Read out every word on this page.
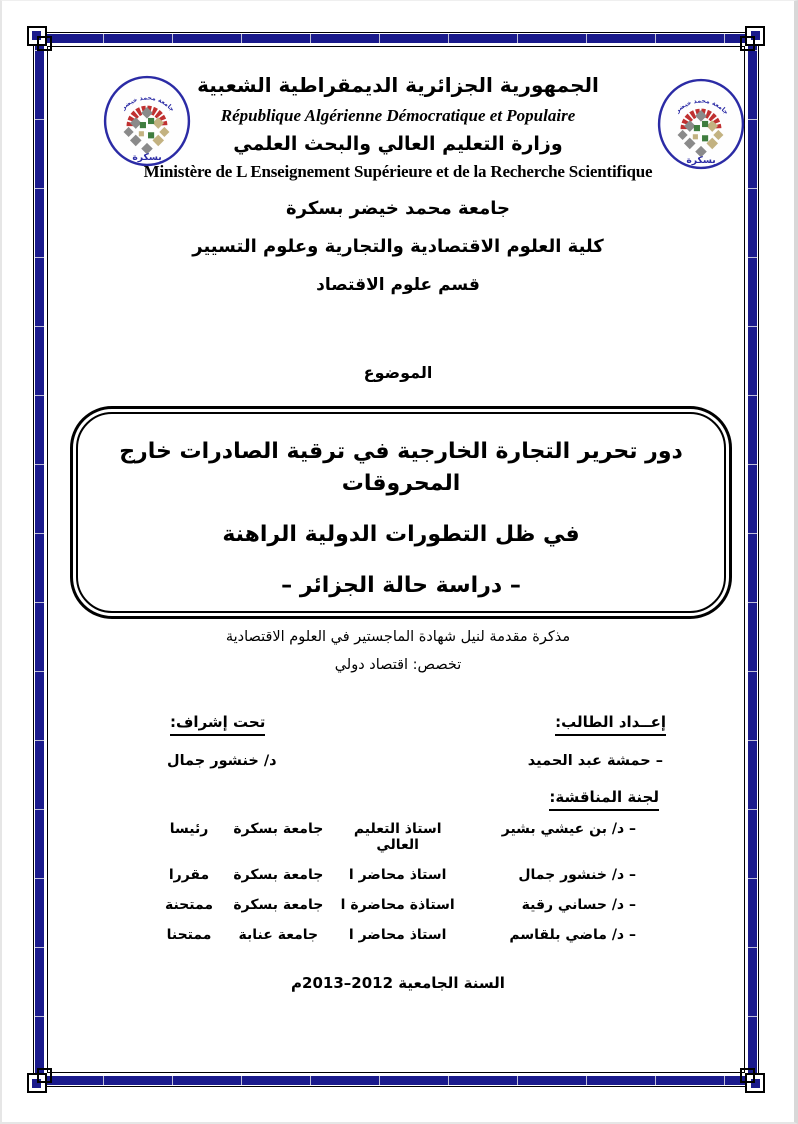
جامعة محمد خيضر
بسكرة
جامعة محمد خيضر
بسكرة
الجمهورية الجزائرية الديمقراطية الشعبية
République Algérienne Démocratique et Populaire
وزارة التعليم العالي والبحث العلمي
Ministère de L Enseignement Supérieure et de la Recherche Scientifique
جامعة محمد خيضر بسكرة
كلية العلوم الاقتصادية والتجارية وعلوم التسيير
قسم علوم الاقتصاد
الموضوع
دور تحرير التجارة الخارجية في ترقية الصادرات خارج المحروقات
في ظل التطورات الدولية الراهنة
– دراسة حالة الجزائر –
مذكرة مقدمة لنيل شهادة الماجستير في العلوم الاقتصادية
تخصص: اقتصاد دولي
إعــداد الطالب:
تحت إشراف:
– حمشة عبد الحميد
د/ خنشور جمال
لجنة المناقشة:
– د/ بن عيشي بشير
استاذ التعليم العالي
جامعة بسكرة
رئيسا
– د/ خنشور جمال
استاذ محاضر ا
جامعة بسكرة
مقررا
– د/ حساني رقية
استاذة محاضرة ا
جامعة بسكرة
ممتحنة
– د/ ماضي بلقاسم
استاذ محاضر ا
جامعة عنابة
ممتحنا
السنة الجامعية 2012–2013م
